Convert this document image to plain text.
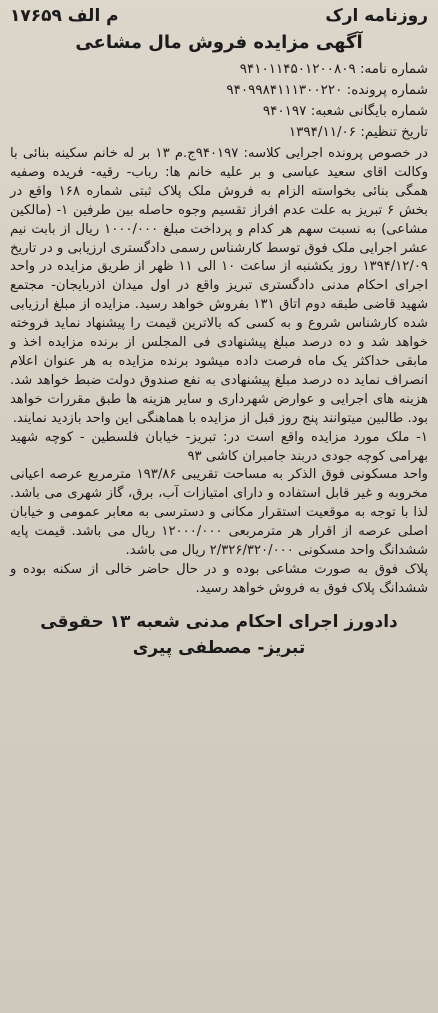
روزنامه ارک
م الف ۱۷۶۵۹
آگهی مزایده فروش مال مشاعی
شماره نامه: ۹۴۱۰۱۱۴۵۰۱۲۰۰۸۰۹
شماره پرونده: ۹۴۰۹۹۸۴۱۱۱۳۰۰۲۲۰
شماره بایگانی شعبه: ۹۴۰۱۹۷
تاریخ تنظیم: ۱۳۹۴/۱۱/۰۶

در خصوص پرونده اجرایی کلاسه: ۹۴۰۱۹۷ج.م ۱۳ بر له خانم سکینه بنائی با وکالت اقای سعید عباسی و بر علیه خانم ها: رباب- رقیه- فریده وصفیه همگی بنائی بخواسته الزام به فروش ملک پلاک ثبتی شماره ۱۶۸ واقع در بخش ۶ تبریز به علت عدم افراز تقسیم وجوه حاصله بین طرفین ۱- (مالکین مشاعی) به نسبت سهم هر کدام و پرداخت مبلغ ۱۰۰۰/۰۰۰ ریال از بابت نیم عشر اجرایی ملک فوق توسط کارشناس رسمی دادگستری ارزیابی و در تاریخ ۱۳۹۴/۱۲/۰۹ روز یکشنبه از ساعت ۱۰ الی ۱۱ ظهر از طریق مزایده در واحد اجرای احکام مدنی دادگستری تبریز واقع در اول میدان اذربایجان- مجتمع شهید قاضی طبقه دوم اتاق ۱۳۱ بفروش خواهد رسید. مزایده از مبلغ ارزیابی شده کارشناس شروع و به کسی که بالاترین قیمت را پیشنهاد نماید فروخته خواهد شد و ده درصد مبلغ پیشنهادی فی المجلس از برنده مزایده اخذ و مابقی حداکثر یک ماه فرصت داده میشود برنده مزایده به هر عنوان اعلام انصراف نماید ده درصد مبلغ پیشنهادی به نفع صندوق دولت ضبط خواهد شد. هزینه های اجرایی و عوارض شهرداری و سایر هزینه ها طبق مقررات خواهد بود. طالبین میتوانند پنج روز قبل از مزایده با هماهنگی این واحد بازدید نمایند.

۱- ملک مورد مزایده واقع است در: تبریز- خیابان فلسطین - کوچه شهید بهرامی کوچه جودی دربند جامبران کاشی ۹۳

واحد مسکونی فوق الذکر به مساحت تقریبی ۱۹۳/۸۶ مترمربع عرصه اعیانی مخروبه و غیر قابل استفاده و دارای امتیازات آب، برق، گاز شهری می باشد. لذا با توجه به موقعیت استقرار مکانی و دسترسی به معابر عمومی و خیابان اصلی عرصه از اقرار هر مترمربعی ۱۲۰۰۰/۰۰۰ ریال می باشد. قیمت پایه ششدانگ واحد مسکونی ۲/۳۲۶/۳۲۰/۰۰۰ ریال می باشد.

پلاک فوق به صورت مشاعی بوده و در حال حاضر خالی از سکنه بوده و ششدانگ پلاک فوق به فروش خواهد رسید.

دادورز اجرای احکام مدنی شعبه ۱۳ حقوقی
تبریز- مصطفی پیری
